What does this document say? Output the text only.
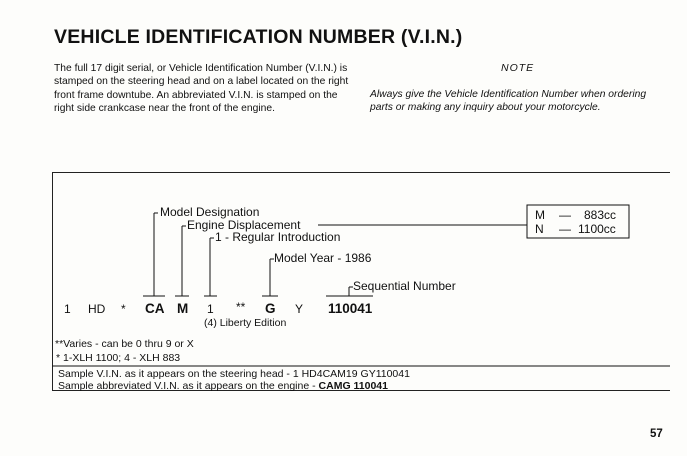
VEHICLE IDENTIFICATION NUMBER (V.I.N.)
The full 17 digit serial, or Vehicle Identification Number (V.I.N.) is stamped on the steering head and on a label located on the right front frame downtube. An abbreviated V.I.N. is stamped on the right side crankcase near the front of the engine.
NOTE
Always give the Vehicle Identification Number when ordering parts or making any inquiry about your motorcycle.
Model Designation
Engine Displacement
1 - Regular Introduction
Model Year - 1986
Sequential Number
M — 883cc
N — 1100cc
1 HD * CA M 1 ** G Y 110041
(4) Liberty Edition
**Varies - can be 0 thru 9 or X
* 1-XLH 1100; 4 - XLH 883
Sample V.I.N. as it appears on the steering head - 1 HD4CAM19 GY110041
Sample abbreviated V.I.N. as it appears on the engine - CAMG 110041
57
